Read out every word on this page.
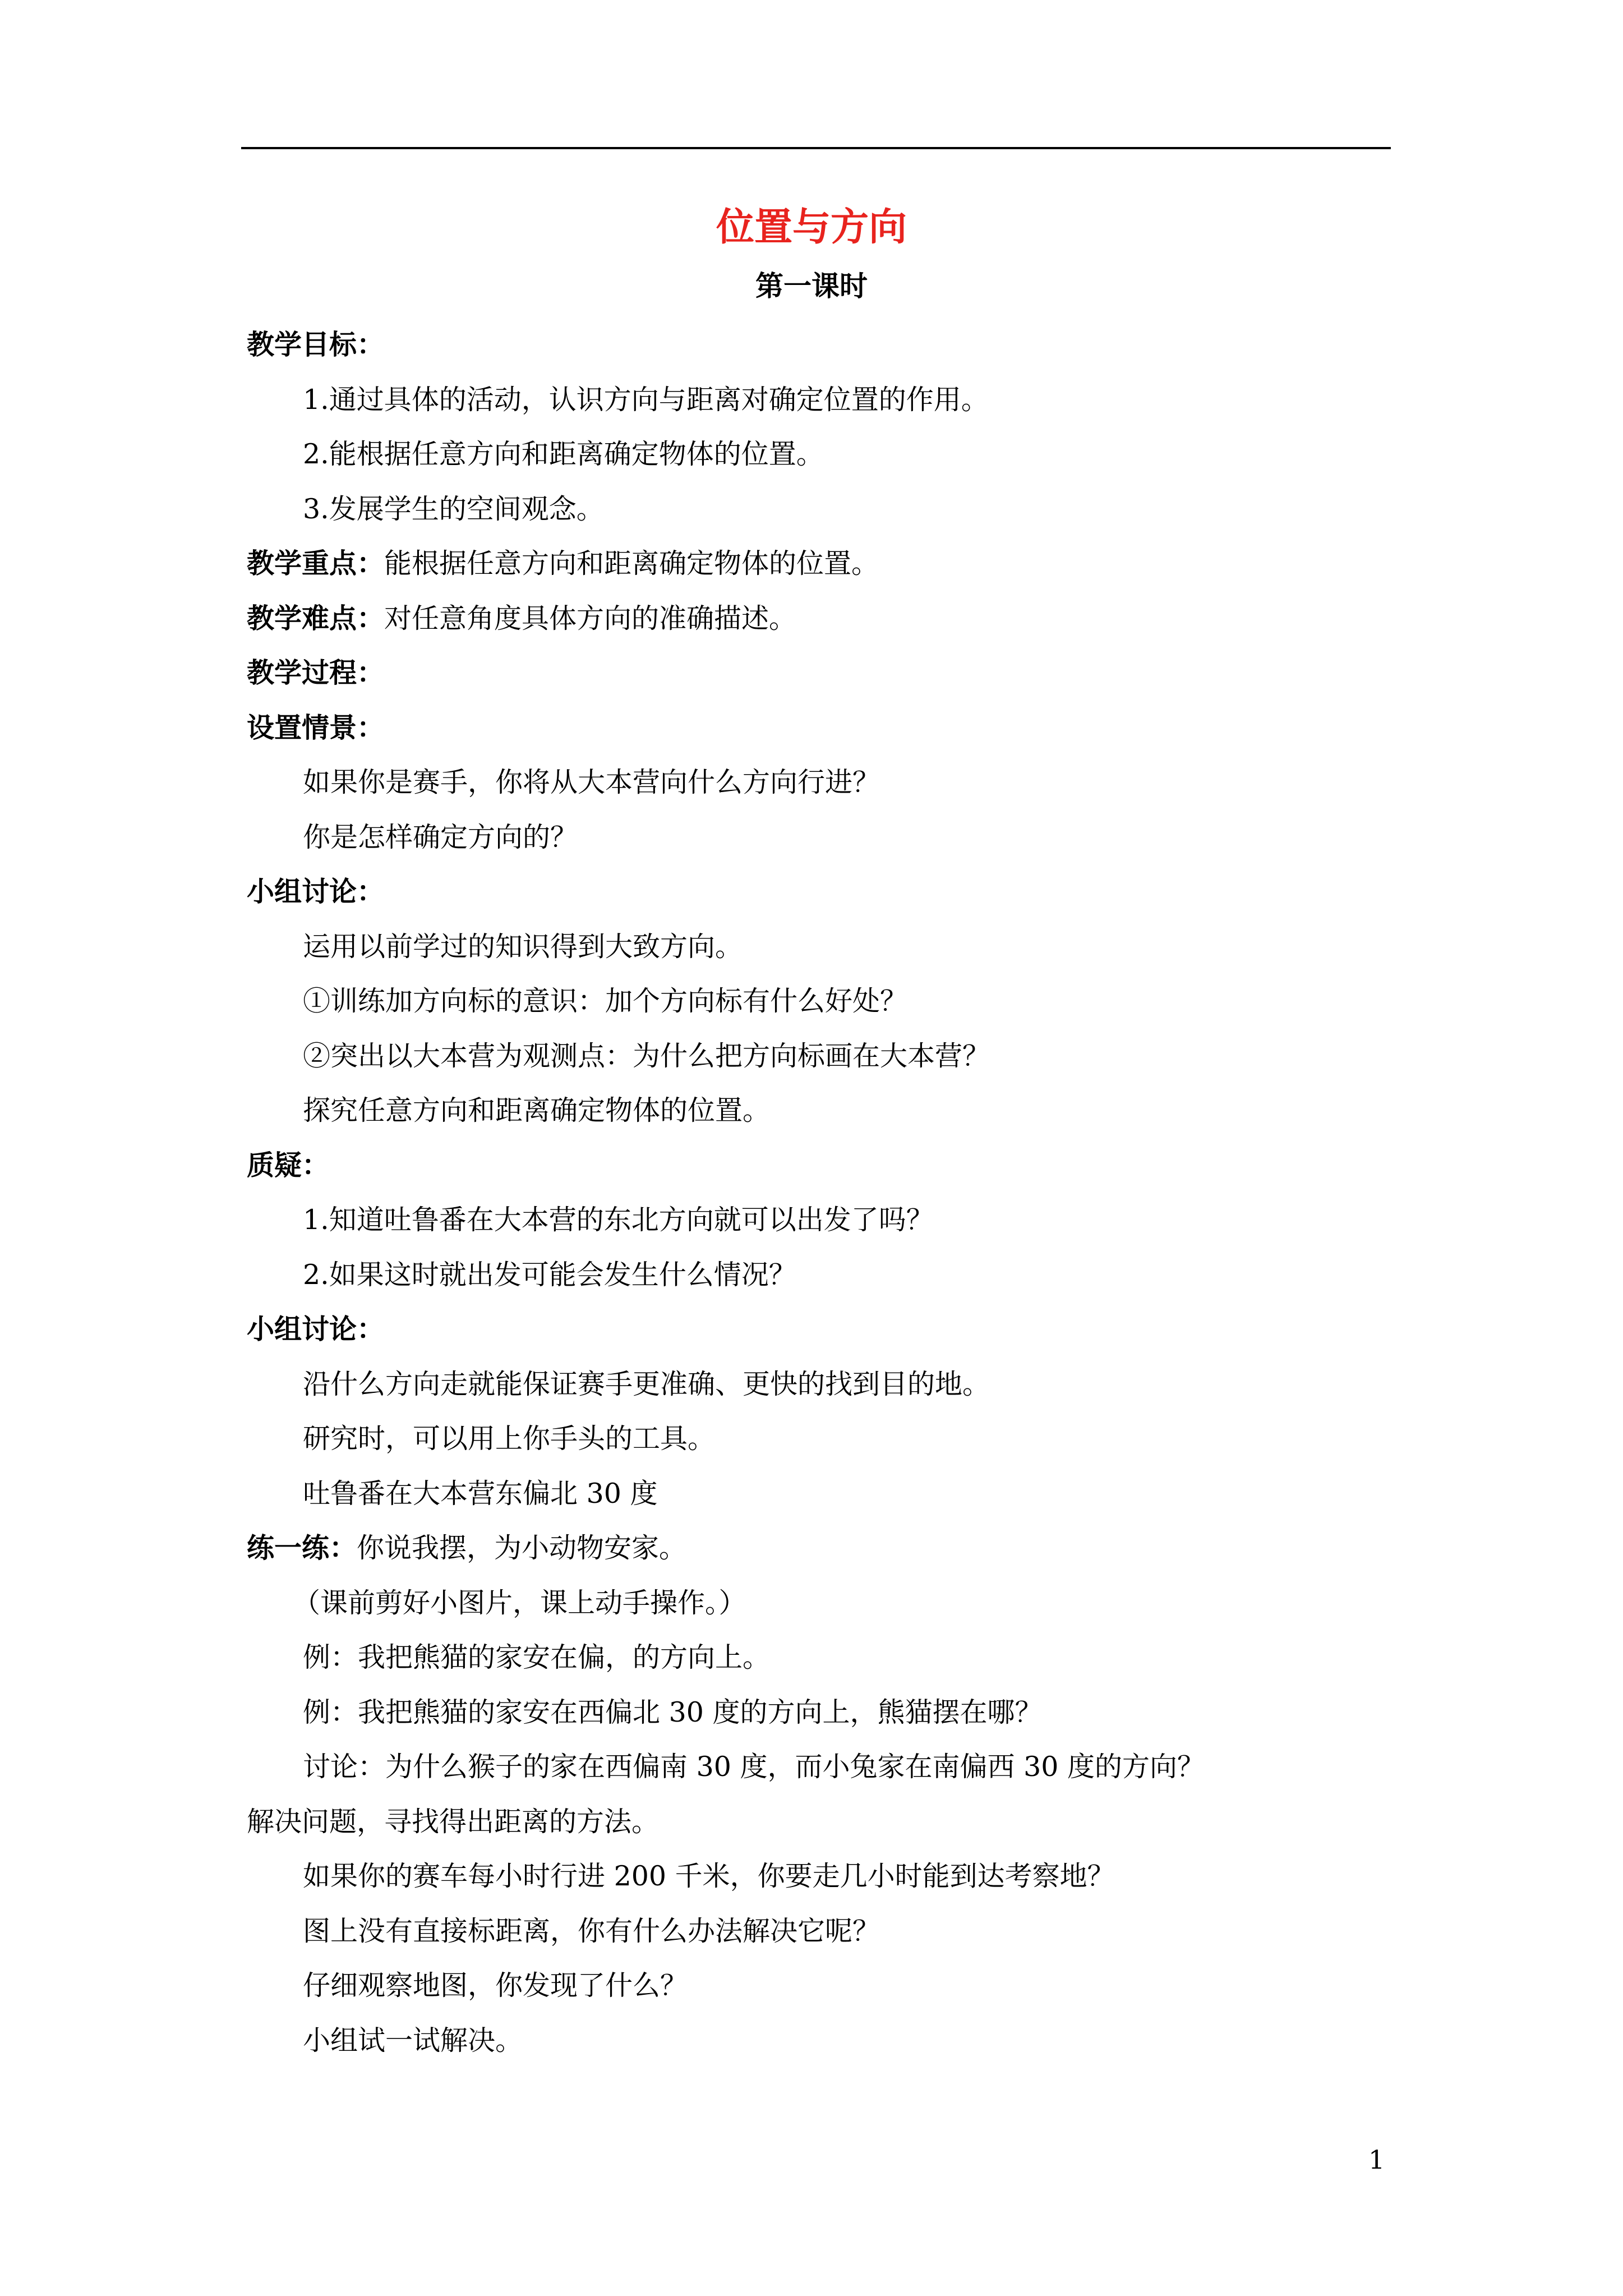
位置与方向
第一课时
教学目标：
1.通过具体的活动，认识方向与距离对确定位置的作用。
2.能根据任意方向和距离确定物体的位置。
3.发展学生的空间观念。
教学重点：能根据任意方向和距离确定物体的位置。
教学难点：对任意角度具体方向的准确描述。
教学过程：
设置情景：
如果你是赛手，你将从大本营向什么方向行进？
你是怎样确定方向的？
小组讨论：
运用以前学过的知识得到大致方向。
①训练加方向标的意识：加个方向标有什么好处？
②突出以大本营为观测点：为什么把方向标画在大本营？
探究任意方向和距离确定物体的位置。
质疑：
1.知道吐鲁番在大本营的东北方向就可以出发了吗？
2.如果这时就出发可能会发生什么情况？
小组讨论：
沿什么方向走就能保证赛手更准确、更快的找到目的地。
研究时，可以用上你手头的工具。
吐鲁番在大本营东偏北 30 度
练一练：你说我摆，为小动物安家。
（课前剪好小图片，课上动手操作。）
例：我把熊猫的家安在偏，的方向上。
例：我把熊猫的家安在西偏北 30 度的方向上，熊猫摆在哪？
讨论：为什么猴子的家在西偏南 30 度，而小兔家在南偏西 30 度的方向？
解决问题，寻找得出距离的方法。
如果你的赛车每小时行进 200 千米，你要走几小时能到达考察地？
图上没有直接标距离，你有什么办法解决它呢？
仔细观察地图，你发现了什么？
小组试一试解决。
1
